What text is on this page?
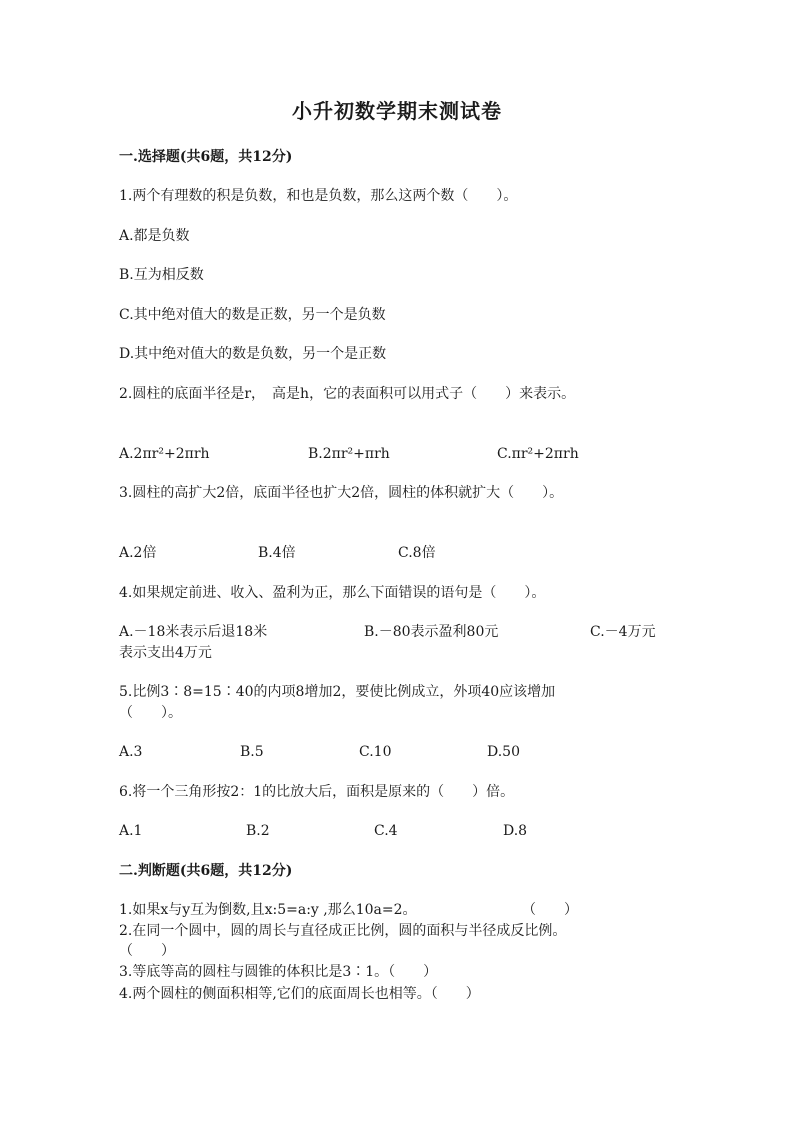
小升初数学期末测试卷
一.选择题(共6题，共12分)
1.两个有理数的积是负数，和也是负数，那么这两个数（　　）。
A.都是负数
B.互为相反数
C.其中绝对值大的数是正数，另一个是负数
D.其中绝对值大的数是负数，另一个是正数
2.圆柱的底面半径是r，　高是h，它的表面积可以用式子（　　）来表示。
A.2πr²+2πrh	B.2πr²+πrh	C.πr²+2πrh
3.圆柱的高扩大2倍，底面半径也扩大2倍，圆柱的体积就扩大（　　）。
A.2倍	B.4倍	C.8倍
4.如果规定前进、收入、盈利为正，那么下面错误的语句是（　　）。
A.－18米表示后退18米	B.－80表示盈利80元	C.－4万元
表示支出4万元
5.比例3∶8=15∶40的内项8增加2，要使比例成立，外项40应该增加
（　　）。
A.3	B.5	C.10	D.50
6.将一个三角形按2：1的比放大后，面积是原来的（　　）倍。
A.1	B.2	C.4	D.8
二.判断题(共6题，共12分)
1.如果x与y互为倒数,且x:5=a:y ,那么10a=2。	（　　）
2.在同一个圆中，圆的周长与直径成正比例，圆的面积与半径成反比例。
（　　）
3.等底等高的圆柱与圆锥的体积比是3∶1。（　　）
4.两个圆柱的侧面积相等,它们的底面周长也相等。（　　）
